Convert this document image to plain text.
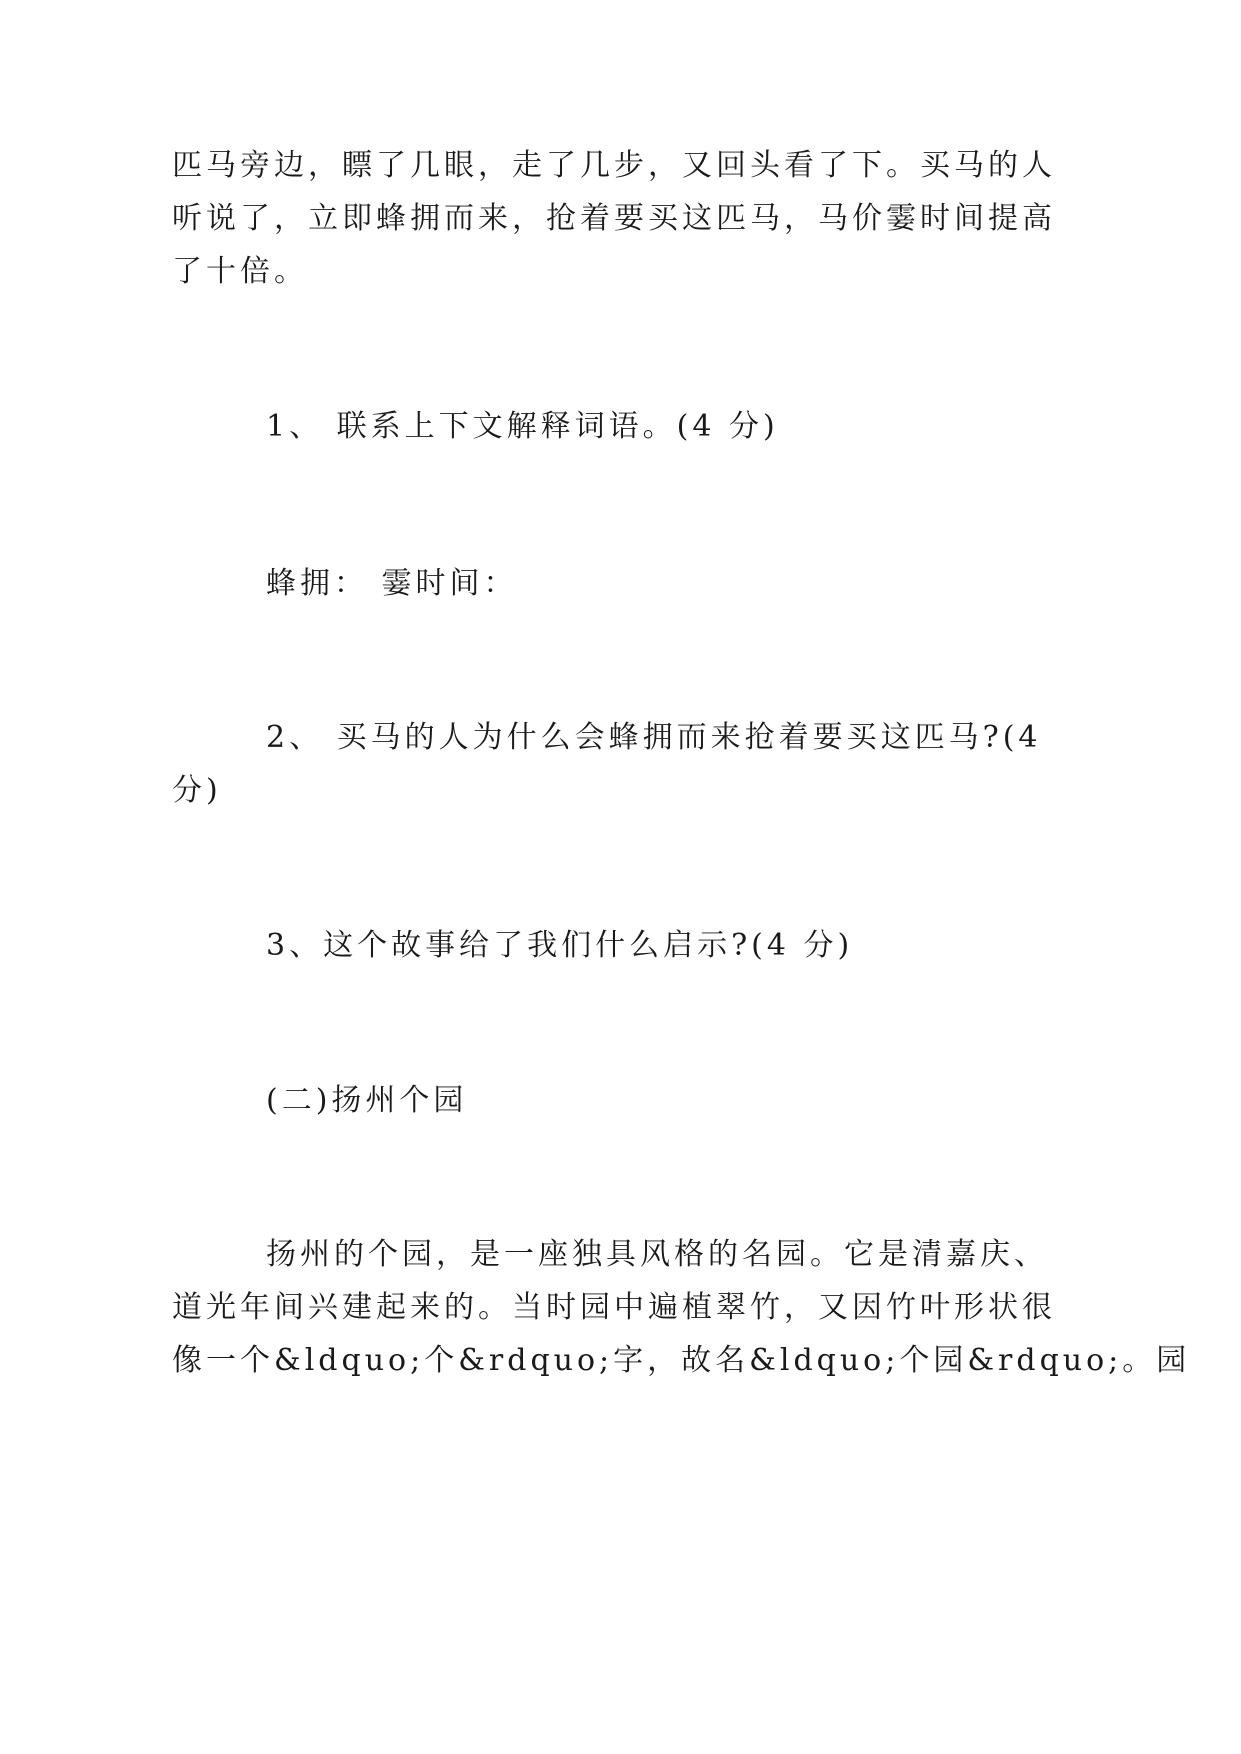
匹马旁边，瞟了几眼，走了几步，又回头看了下。买马的人
听说了，立即蜂拥而来，抢着要买这匹马，马价霎时间提高
了十倍。
1、 联系上下文解释词语。(4 分)
蜂拥： 霎时间：
2、 买马的人为什么会蜂拥而来抢着要买这匹马?(4
分)
3、这个故事给了我们什么启示?(4 分)
(二)扬州个园
扬州的个园，是一座独具风格的名园。它是清嘉庆、
道光年间兴建起来的。当时园中遍植翠竹，又因竹叶形状很
像一个&ldquo;个&rdquo;字，故名&ldquo;个园&rdquo;。园
